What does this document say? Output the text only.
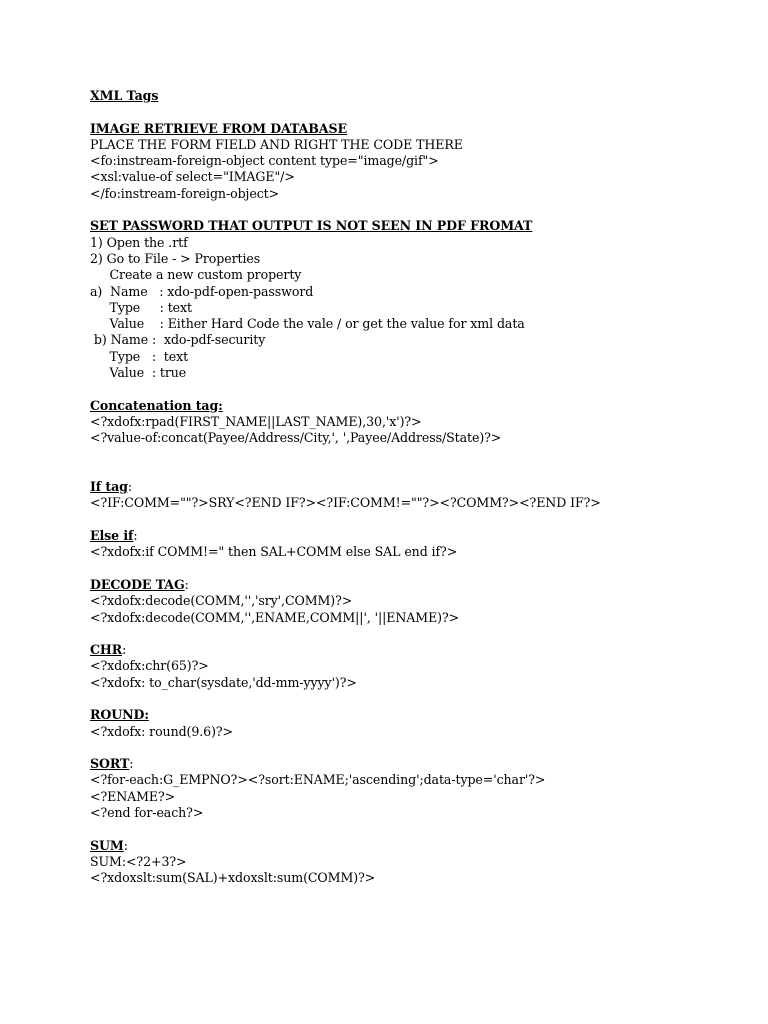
XML Tags
IMAGE RETRIEVE FROM DATABASE
PLACE THE FORM FIELD AND RIGHT THE CODE THERE
<fo:instream-foreign-object content type="image/gif">
<xsl:value-of select="IMAGE"/>
</fo:instream-foreign-object>
SET PASSWORD THAT OUTPUT IS NOT SEEN IN PDF FROMAT
1) Open the .rtf
2) Go to File - > Properties
Create a new custom property
a)  Name   : xdo-pdf-open-password
Type     : text
Value    : Either Hard Code the vale / or get the value for xml data
b) Name :  xdo-pdf-security
Type   :  text
Value  : true
Concatenation tag:
<?xdofx:rpad(FIRST_NAME||LAST_NAME),30,'x')?>
<?value-of:concat(Payee/Address/City,', ',Payee/Address/State)?>
If tag:
<?IF:COMM=""?>SRY<?END IF?><?IF:COMM!=""?><?COMM?><?END IF?>
Else if:
<?xdofx:if COMM!=" then SAL+COMM else SAL end if?>
DECODE TAG:
<?xdofx:decode(COMM,'','sry',COMM)?>
<?xdofx:decode(COMM,'',ENAME,COMM||', '||ENAME)?>
CHR:
<?xdofx:chr(65)?>
<?xdofx: to_char(sysdate,'dd-mm-yyyy')?>
ROUND:
<?xdofx: round(9.6)?>
SORT:
<?for-each:G_EMPNO?><?sort:ENAME;'ascending';data-type='char'?>
<?ENAME?>
<?end for-each?>
SUM:
SUM:<?2+3?>
<?xdoxslt:sum(SAL)+xdoxslt:sum(COMM)?>
